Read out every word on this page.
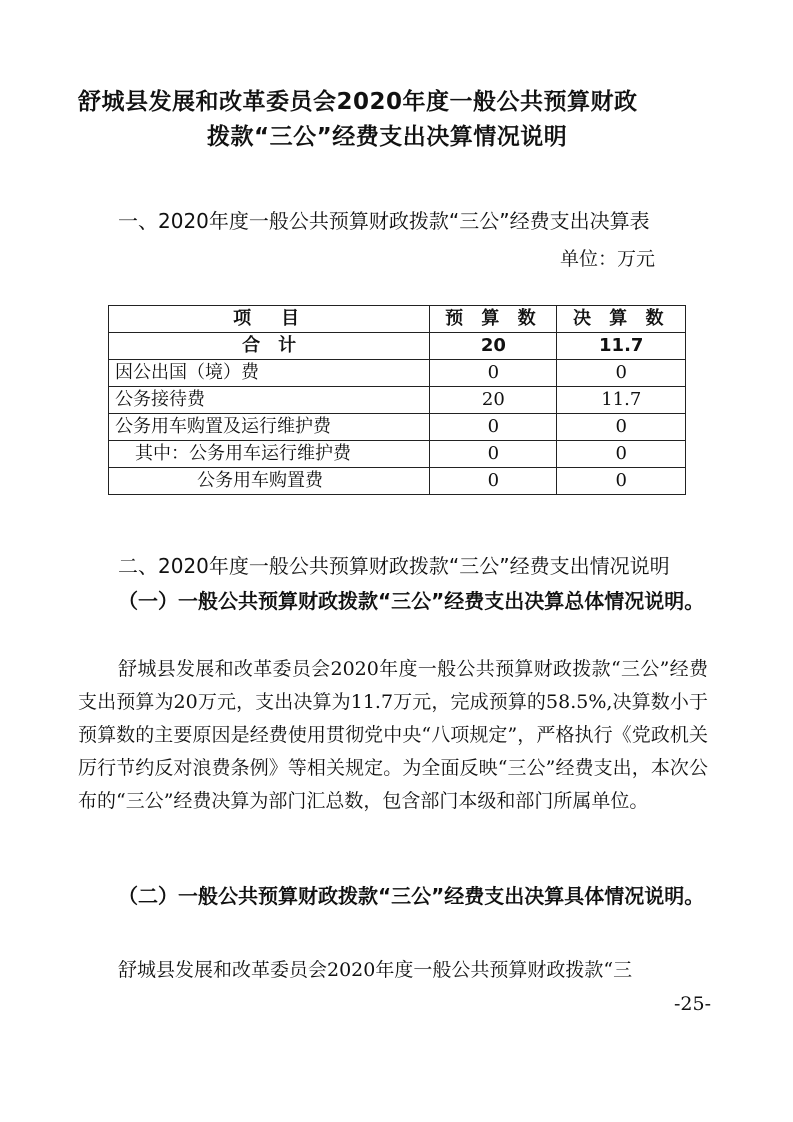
舒城县发展和改革委员会2020年度一般公共预算财政
拨款“三公”经费支出决算情况说明
一、2020年度一般公共预算财政拨款“三公”经费支出决算表
单位：万元
项　目	预 算 数	决 算 数
合　计	20	11.7
因公出国（境）费	0	0
公务接待费	20	11.7
公务用车购置及运行维护费	0	0
其中：公务用车运行维护费	0	0
公务用车购置费	0	0
二、2020年度一般公共预算财政拨款“三公”经费支出情况说明
（一）一般公共预算财政拨款“三公”经费支出决算总体情况说明。
舒城县发展和改革委员会2020年度一般公共预算财政拨款“三公”经费支出预算为20万元，支出决算为11.7万元，完成预算的58.5%,决算数小于预算数的主要原因是经费使用贯彻党中央“八项规定”，严格执行《党政机关厉行节约反对浪费条例》等相关规定。为全面反映“三公”经费支出，本次公布的“三公”经费决算为部门汇总数，包含部门本级和部门所属单位。
（二）一般公共预算财政拨款“三公”经费支出决算具体情况说明。
舒城县发展和改革委员会2020年度一般公共预算财政拨款“三
-25-
